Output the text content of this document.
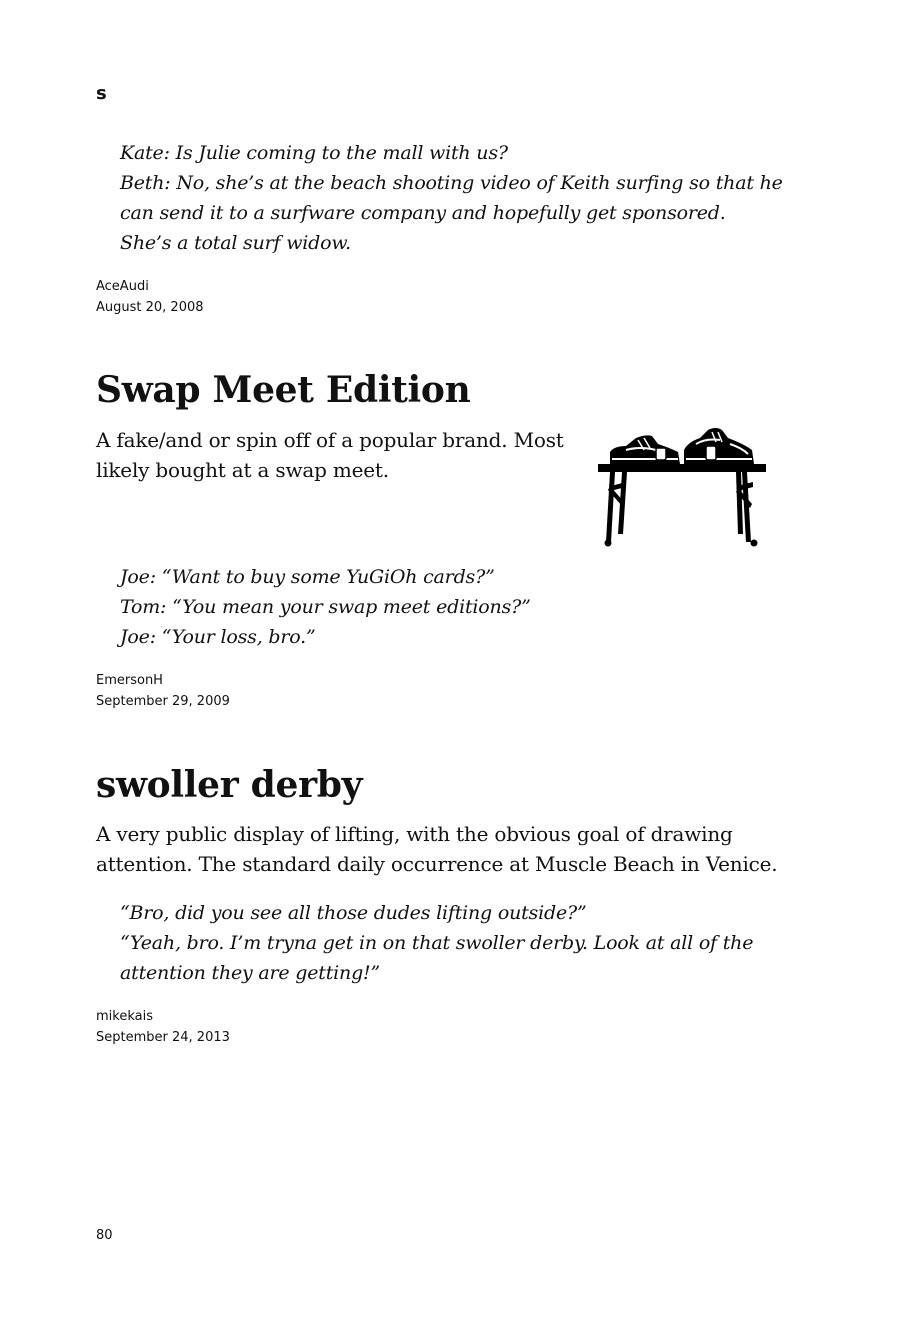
s
Kate: Is Julie coming to the mall with us?
Beth: No, she’s at the beach shooting video of Keith surfing so that he
can send it to a surfware company and hopefully get sponsored.
She’s a total surf widow.
AceAudi
August 20, 2008
Swap Meet Edition
A fake/and or spin off of a popular brand. Most
likely bought at a swap meet.
Joe: “Want to buy some YuGiOh cards?”
Tom: “You mean your swap meet editions?”
Joe: “Your loss, bro.”
EmersonH
September 29, 2009
swoller derby
A very public display of lifting, with the obvious goal of drawing
attention. The standard daily occurrence at Muscle Beach in Venice.
“Bro, did you see all those dudes lifting outside?”
“Yeah, bro. I’m tryna get in on that swoller derby. Look at all of the
attention they are getting!”
mikekais
September 24, 2013
80
